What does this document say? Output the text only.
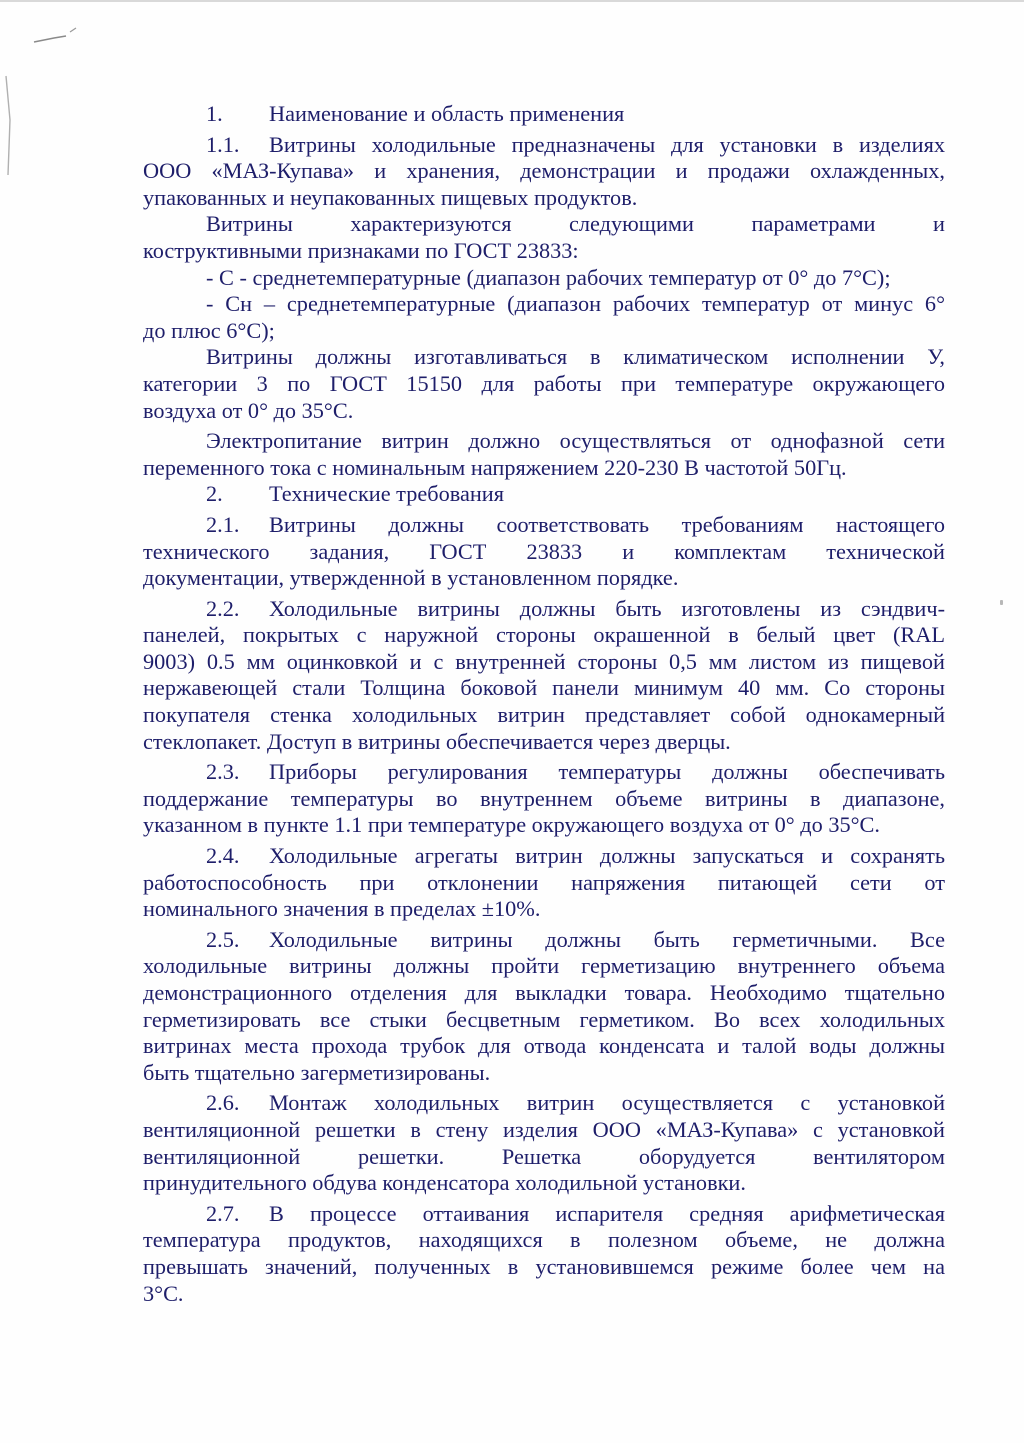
1. Наименование и область применения

1.1. Витрины холодильные предназначены для установки в изделиях

ООО «МАЗ-Купава» и хранения, демонстрации и продажи охлажденных,

упакованных и неупакованных пищевых продуктов.

Витрины характеризуются следующими параметрами и

коструктивными признаками по ГОСТ 23833:

- С - среднетемпературные (диапазон рабочих температур от 0° до 7°С);

- Сн – среднетемпературные (диапазон рабочих температур от минус 6°

до плюс 6°С);

Витрины должны изготавливаться в климатическом исполнении У,

категории 3 по ГОСТ 15150 для работы при температуре окружающего

воздуха от 0° до 35°С.

Электропитание витрин должно осуществляться от однофазной сети

переменного тока с номинальным напряжением 220-230 В частотой 50Гц.

2. Технические требования

2.1. Витрины должны соответствовать требованиям настоящего

технического задания, ГОСТ 23833 и комплектам технической

документации, утвержденной в установленном порядке.

2.2. Холодильные витрины должны быть изготовлены из сэндвич-

панелей, покрытых с наружной стороны окрашенной в белый цвет (RAL

9003) 0.5 мм оцинковкой и с внутренней стороны 0,5 мм листом из пищевой

нержавеющей стали Толщина боковой панели минимум 40 мм. Со стороны

покупателя стенка холодильных витрин представляет собой однокамерный

стеклопакет. Доступ в витрины обеспечивается через дверцы.

2.3. Приборы регулирования температуры должны обеспечивать

поддержание температуры во внутреннем объеме витрины в диапазоне,

указанном в пункте 1.1 при температуре окружающего воздуха от 0° до 35°С.

2.4. Холодильные агрегаты витрин должны запускаться и сохранять

работоспособность при отклонении напряжения питающей сети от

номинального значения в пределах ±10%.

2.5. Холодильные витрины должны быть герметичными. Все

холодильные витрины должны пройти герметизацию внутреннего объема

демонстрационного отделения для выкладки товара. Необходимо тщательно

герметизировать все стыки бесцветным герметиком. Во всех холодильных

витринах места прохода трубок для отвода конденсата и талой воды должны

быть тщательно загерметизированы.

2.6. Монтаж холодильных витрин осуществляется с установкой

вентиляционной решетки в стену изделия ООО «МАЗ-Купава» с установкой

вентиляционной решетки. Решетка оборудуется вентилятором

принудительного обдува конденсатора холодильной установки.

2.7. В процессе оттаивания испарителя средняя арифметическая

температура продуктов, находящихся в полезном объеме, не должна

превышать значений, полученных в установившемся режиме более чем на

3°С.
